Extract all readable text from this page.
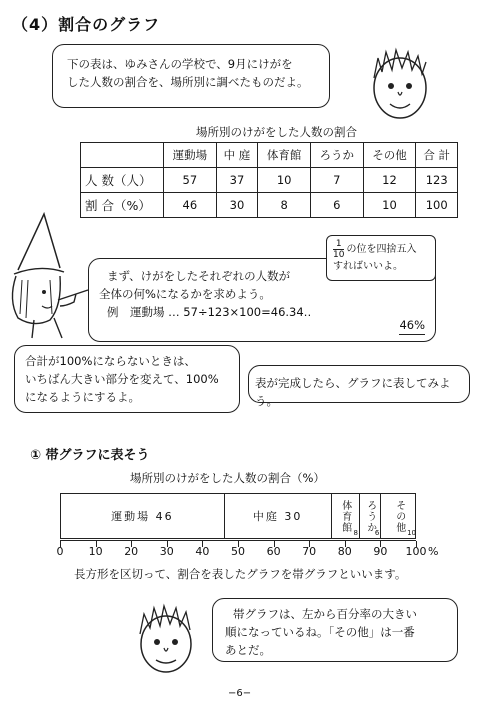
（4）割合のグラフ
下の表は、ゆみさんの学校で、9月にけがを
した人数の割合を、場所別に調べたものだよ。
場所別のけがをした人数の割合
	運動場	中 庭	体育館	ろうか	その他	合 計
人 数（人）	57	37	10	7	12	123
割 合（%）	46	30	8	6	10	100
まず、けがをしたそれぞれの人数が
全体の何%になるかを求めよう。
例　運動場 … 57÷123×100=46.34‥
46%
$\frac{1}{10}$ の位を四捨五入
すればいいよ。
合計が100%にならないときは、
いちばん大きい部分を変えて、100%
になるようにするよ。
表が完成したら、グラフに表してみよう。
① 帯グラフに表そう
場所別のけがをした人数の割合（%）
運動場 46	中庭 30	体育館
8
ろうか
6
その他
10
%
長方形を区切って、割合を表したグラフを帯グラフといいます。
帯グラフは、左から百分率の大きい
順になっているね。「その他」は一番
あとだ。
−6−
0 10 20 30 40 50 60 70 80 90 100
